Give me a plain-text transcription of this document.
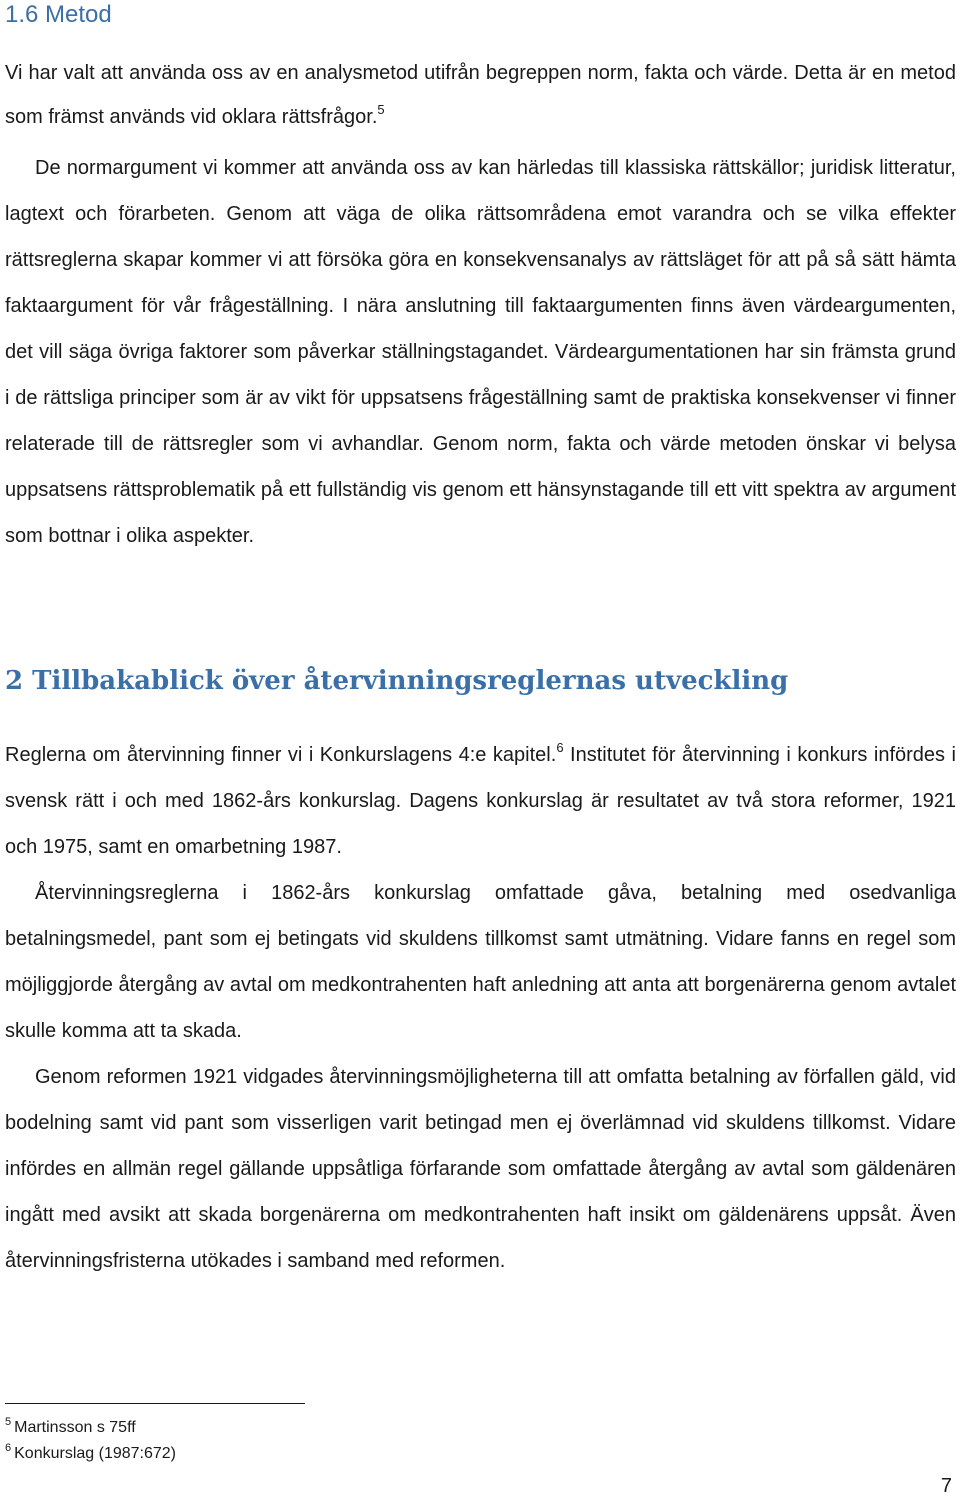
1.6 Metod

Vi har valt att använda oss av en analysmetod utifrån begreppen norm, fakta och värde. Detta är en metod som främst används vid oklara rättsfrågor.$^5$

De normargument vi kommer att använda oss av kan härledas till klassiska rättskällor; juridisk litteratur, lagtext och förarbeten. Genom att väga de olika rättsområdena emot varandra och se vilka effekter rättsreglerna skapar kommer vi att försöka göra en konsekvensanalys av rättsläget för att på så sätt hämta faktaargument för vår frågeställning. I nära anslutning till faktaargumenten finns även värdeargumenten, det vill säga övriga faktorer som påverkar ställningstagandet. Värdeargumentationen har sin främsta grund i de rättsliga principer som är av vikt för uppsatsens frågeställning samt de praktiska konsekvenser vi finner relaterade till de rättsregler som vi avhandlar. Genom norm, fakta och värde metoden önskar vi belysa uppsatsens rättsproblematik på ett fullständig vis genom ett hänsynstagande till ett vitt spektra av argument som bottnar i olika aspekter.

2 Tillbakablick över återvinningsreglernas utveckling

Reglerna om återvinning finner vi i Konkurslagens 4:e kapitel.$^6$ Institutet för återvinning i konkurs infördes i svensk rätt i och med 1862-års konkurslag. Dagens konkurslag är resultatet av två stora reformer, 1921 och 1975, samt en omarbetning 1987.

Återvinningsreglerna i 1862-års konkurslag omfattade gåva, betalning med osedvanliga betalningsmedel, pant som ej betingats vid skuldens tillkomst samt utmätning. Vidare fanns en regel som möjliggjorde återgång av avtal om medkontrahenten haft anledning att anta att borgenärerna genom avtalet skulle komma att ta skada.

Genom reformen 1921 vidgades återvinningsmöjligheterna till att omfatta betalning av förfallen gäld, vid bodelning samt vid pant som visserligen varit betingad men ej överlämnad vid skuldens tillkomst. Vidare infördes en allmän regel gällande uppsåtliga förfarande som omfattade återgång av avtal som gäldenären ingått med avsikt att skada borgenärerna om medkontrahenten haft insikt om gäldenärens uppsåt. Även återvinningsfristerna utökades i samband med reformen.

$^5$ Martinsson s 75ff
$^6$ Konkurslag (1987:672)
7
